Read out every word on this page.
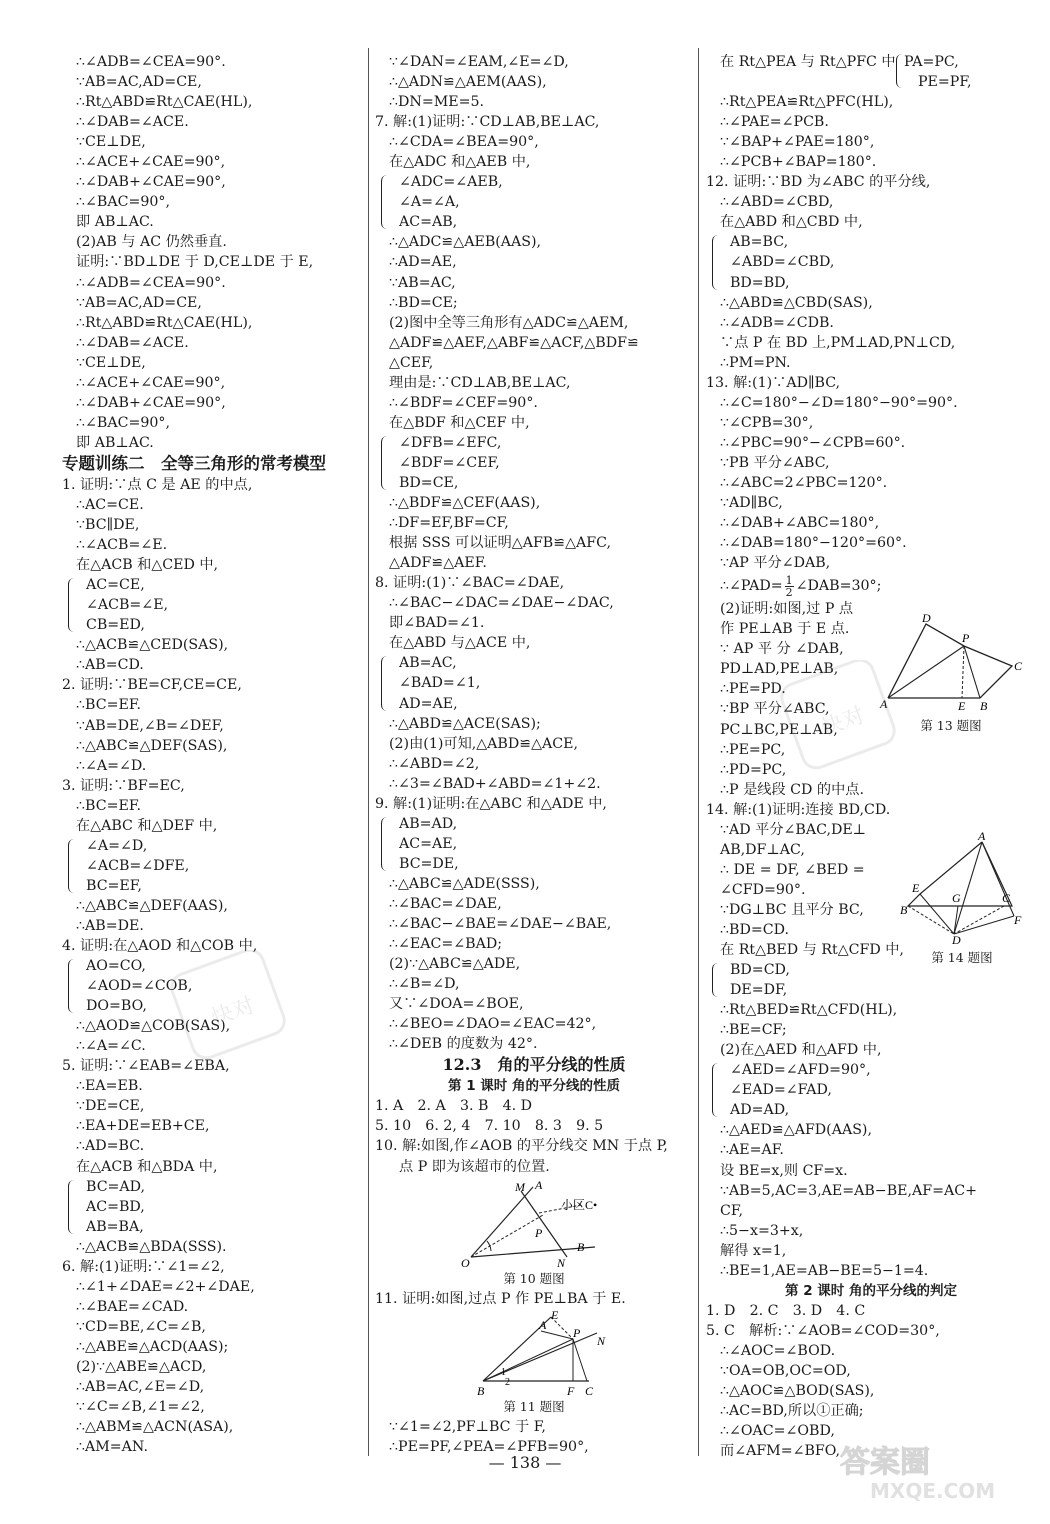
∴∠ADB=∠CEA=90°.
∵AB=AC,AD=CE,
∴Rt△ABD≌Rt△CAE(HL),
∴∠DAB=∠ACE.
∵CE⊥DE,
∴∠ACE+∠CAE=90°,
∴∠DAB+∠CAE=90°,
∴∠BAC=90°,
即 AB⊥AC.
(2)AB 与 AC 仍然垂直.
证明:∵BD⊥DE 于 D,CE⊥DE 于 E,
∴∠ADB=∠CEA=90°.
∵AB=AC,AD=CE,
∴Rt△ABD≌Rt△CAE(HL),
∴∠DAB=∠ACE.
∵CE⊥DE,
∴∠ACE+∠CAE=90°,
∴∠DAB+∠CAE=90°,
∴∠BAC=90°,
即 AB⊥AC.
专题训练二　全等三角形的常考模型
1. 证明:∵点 C 是 AE 的中点,
∴AC=CE.
∵BC∥DE,
∴∠ACB=∠E.
在△ACB 和△CED 中,
AC=CE,
∠ACB=∠E,
CB=ED,
∴△ACB≌△CED(SAS),
∴AB=CD.
2. 证明:∵BE=CF,CE=CE,
∴BC=EF.
∵AB=DE,∠B=∠DEF,
∴△ABC≌△DEF(SAS),
∴∠A=∠D.
3. 证明:∵BF=EC,
∴BC=EF.
在△ABC 和△DEF 中,
∠A=∠D,
∠ACB=∠DFE,
BC=EF,
∴△ABC≌△DEF(AAS),
∴AB=DE.
4. 证明:在△AOD 和△COB 中,
AO=CO,
∠AOD=∠COB,
DO=BO,
∴△AOD≌△COB(SAS),
∴∠A=∠C.
5. 证明:∵∠EAB=∠EBA,
∴EA=EB.
∵DE=CE,
∴EA+DE=EB+CE,
∴AD=BC.
在△ACB 和△BDA 中,
BC=AD,
AC=BD,
AB=BA,
∴△ACB≌△BDA(SSS).
6. 解:(1)证明:∵∠1=∠2,
∴∠1+∠DAE=∠2+∠DAE,
∴∠BAE=∠CAD.
∵CD=BE,∠C=∠B,
∴△ABE≌△ACD(AAS);
(2)∵△ABE≌△ACD,
∴AB=AC,∠E=∠D,
∵∠C=∠B,∠1=∠2,
∴△ABM≌△ACN(ASA),
∴AM=AN.
∵∠DAN=∠EAM,∠E=∠D,
∴△ADN≌△AEM(AAS),
∴DN=ME=5.
7. 解:(1)证明:∵CD⊥AB,BE⊥AC,
∴∠CDA=∠BEA=90°,
在△ADC 和△AEB 中,
∠ADC=∠AEB,
∠A=∠A,
AC=AB,
∴△ADC≌△AEB(AAS),
∴AD=AE,
∵AB=AC,
∴BD=CE;
(2)图中全等三角形有△ADC≌△AEM,
△ADF≌△AEF,△ABF≌△ACF,△BDF≌
△CEF,
理由是:∵CD⊥AB,BE⊥AC,
∴∠BDF=∠CEF=90°.
在△BDF 和△CEF 中,
∠DFB=∠EFC,
∠BDF=∠CEF,
BD=CE,
∴△BDF≌△CEF(AAS),
∴DF=EF,BF=CF,
根据 SSS 可以证明△AFB≌△AFC,
△ADF≌△AEF.
8. 证明:(1)∵∠BAC=∠DAE,
∴∠BAC−∠DAC=∠DAE−∠DAC,
即∠BAD=∠1.
在△ABD 与△ACE 中,
AB=AC,
∠BAD=∠1,
AD=AE,
∴△ABD≌△ACE(SAS);
(2)由(1)可知,△ABD≌△ACE,
∴∠ABD=∠2,
∴∠3=∠BAD+∠ABD=∠1+∠2.
9. 解:(1)证明:在△ABC 和△ADE 中,
AB=AD,
AC=AE,
BC=DE,
∴△ABC≌△ADE(SSS),
∴∠BAC=∠DAE,
∴∠BAC−∠BAE=∠DAE−∠BAE,
∴∠EAC=∠BAD;
(2)∵△ABC≌△ADE,
∴∠B=∠D,
又∵∠DOA=∠BOE,
∴∠BEO=∠DAO=∠EAC=42°,
∴∠DEB 的度数为 42°.
12.3　角的平分线的性质
第 1 课时 角的平分线的性质
1. A　2. A　3. B　4. D
5. 10　6. 2, 4　7. 10　8. 3　9. 5
10. 解:如图,作∠AOB 的平分线交 MN 于点 P,
点 P 即为该超市的位置.
M A
小区C•
P
O	N
B
第 10 题图
11. 证明:如图,过点 P 作 PE⊥BA 于 E.
A
E
P
N
B	F C
1
2
第 11 题图
∵∠1=∠2,PF⊥BC 于 F,
∴PE=PF,∠PEA=∠PFB=90°,
在 Rt△PEA 与 Rt△PFC 中 PA=PC,
PE=PF,
∴Rt△PEA≌Rt△PFC(HL),
∴∠PAE=∠PCB.
∵∠BAP+∠PAE=180°,
∴∠PCB+∠BAP=180°.
12. 证明:∵BD 为∠ABC 的平分线,
∴∠ABD=∠CBD,
在△ABD 和△CBD 中,
AB=BC,
∠ABD=∠CBD,
BD=BD,
∴△ABD≌△CBD(SAS),
∴∠ADB=∠CDB.
∵点 P 在 BD 上,PM⊥AD,PN⊥CD,
∴PM=PN.
13. 解:(1)∵AD∥BC,
∴∠C=180°−∠D=180°−90°=90°.
∵∠CPB=30°,
∴∠PBC=90°−∠CPB=60°.
∵PB 平分∠ABC,
∴∠ABC=2∠PBC=120°.
∵AD∥BC,
∴∠DAB+∠ABC=180°,
∴∠DAB=180°−120°=60°.
∵AP 平分∠DAB,
∴∠PAD= $\frac{1}{2}$ ∠DAB=30°;
(2)证明:如图,过 P 点
作 PE⊥AB 于 E 点.
∵ AP 平 分 ∠DAB,
PD⊥AD,PE⊥AB,
∴PE=PD.
∵BP 平分∠ABC,
PC⊥BC,PE⊥AB,
∴PE=PC,
∴PD=PC,
∴P 是线段 CD 的中点.
14. 解:(1)证明:连接 BD,CD.
∵AD 平分∠BAC,DE⊥
AB,DF⊥AC,
∴ DE = DF, ∠BED =
∠CFD=90°.
∵DG⊥BC 且平分 BC,
∴BD=CD.
在 Rt△BED 与 Rt△CFD 中,
BD=CD,
DE=DF,
∴Rt△BED≌Rt△CFD(HL),
∴BE=CF;
(2)在△AED 和△AFD 中,
∠AED=∠AFD=90°,
∠EAD=∠FAD,
AD=AD,
∴△AED≌△AFD(AAS),
∴AE=AF.
设 BE=x,则 CF=x.
∵AB=5,AC=3,AE=AB−BE,AF=AC+
CF,
∴5−x=3+x,
解得 x=1,
∴BE=1,AE=AB−BE=5−1=4.
第 2 课时 角的平分线的判定
1. D　2. C　3. D　4. C
5. C　解析:∵∠AOB=∠COD=30°,
∴∠AOC=∠BOD.
∵OA=OB,OC=OD,
∴△AOC≌△BOD(SAS),
∴AC=BD,所以①正确;
∴∠OAC=∠OBD,
而∠AFM=∠BFO,
D
P
C
A	E B
第 13 题图
A
E
G	C
B
F
D
第 14 题图
— 138 —
快对
快对
答案圈
MXQE.COM
